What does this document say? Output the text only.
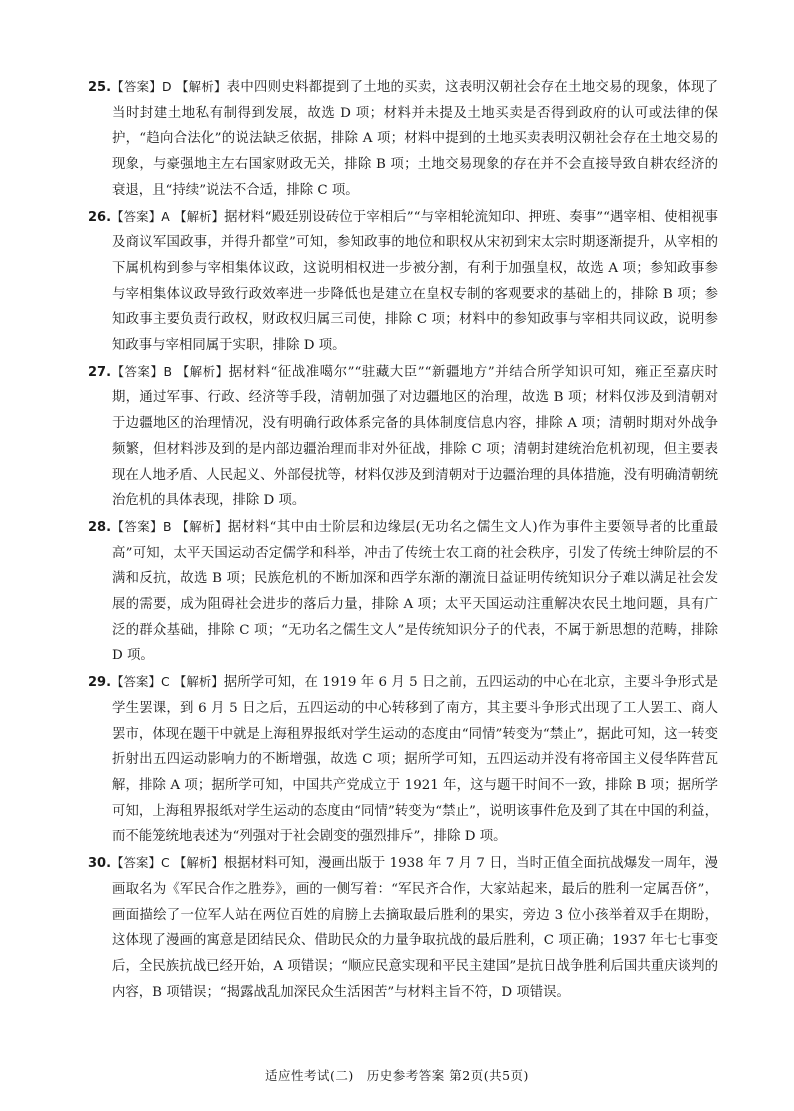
25.【答案】D 【解析】表中四则史料都提到了土地的买卖，这表明汉朝社会存在土地交易的现象，体现了当时封建土地私有制得到发展，故选 D 项；材料并未提及土地买卖是否得到政府的认可或法律的保护，“趋向合法化”的说法缺乏依据，排除 A 项；材料中提到的土地买卖表明汉朝社会存在土地交易的现象，与豪强地主左右国家财政无关，排除 B 项；土地交易现象的存在并不会直接导致自耕农经济的衰退，且“持续”说法不合适，排除 C 项。

26.【答案】A 【解析】据材料“殿廷别设砖位于宰相后”“与宰相轮流知印、押班、奏事”“遇宰相、使相视事及商议军国政事，并得升都堂”可知，参知政事的地位和职权从宋初到宋太宗时期逐渐提升，从宰相的下属机构到参与宰相集体议政，这说明相权进一步被分割，有利于加强皇权，故选 A 项；参知政事参与宰相集体议政导致行政效率进一步降低也是建立在皇权专制的客观要求的基础上的，排除 B 项；参知政事主要负责行政权，财政权归属三司使，排除 C 项；材料中的参知政事与宰相共同议政，说明参知政事与宰相同属于实职，排除 D 项。

27.【答案】B 【解析】据材料“征战准噶尔”“驻藏大臣”“新疆地方”并结合所学知识可知，雍正至嘉庆时期，通过军事、行政、经济等手段，清朝加强了对边疆地区的治理，故选 B 项；材料仅涉及到清朝对于边疆地区的治理情况，没有明确行政体系完备的具体制度信息内容，排除 A 项；清朝时期对外战争频繁，但材料涉及到的是内部边疆治理而非对外征战，排除 C 项；清朝封建统治危机初现，但主要表现在人地矛盾、人民起义、外部侵扰等，材料仅涉及到清朝对于边疆治理的具体措施，没有明确清朝统治危机的具体表现，排除 D 项。

28.【答案】B 【解析】据材料“其中由士阶层和边缘层(无功名之儒生文人)作为事件主要领导者的比重最高”可知，太平天国运动否定儒学和科举，冲击了传统士农工商的社会秩序，引发了传统士绅阶层的不满和反抗，故选 B 项；民族危机的不断加深和西学东渐的潮流日益证明传统知识分子难以满足社会发展的需要，成为阻碍社会进步的落后力量，排除 A 项；太平天国运动注重解决农民土地问题，具有广泛的群众基础，排除 C 项；“无功名之儒生文人”是传统知识分子的代表，不属于新思想的范畴，排除 D 项。

29.【答案】C 【解析】据所学可知，在 1919 年 6 月 5 日之前，五四运动的中心在北京，主要斗争形式是学生罢课，到 6 月 5 日之后，五四运动的中心转移到了南方，其主要斗争形式出现了工人罢工、商人罢市，体现在题干中就是上海租界报纸对学生运动的态度由“同情”转变为“禁止”，据此可知，这一转变折射出五四运动影响力的不断增强，故选 C 项；据所学可知，五四运动并没有将帝国主义侵华阵营瓦解，排除 A 项；据所学可知，中国共产党成立于 1921 年，这与题干时间不一致，排除 B 项；据所学可知，上海租界报纸对学生运动的态度由“同情”转变为“禁止”，说明该事件危及到了其在中国的利益，而不能笼统地表述为“列强对于社会剧变的强烈排斥”，排除 D 项。

30.【答案】C 【解析】根据材料可知，漫画出版于 1938 年 7 月 7 日，当时正值全面抗战爆发一周年，漫画取名为《军民合作之胜券》，画的一侧写着：“军民齐合作，大家站起来，最后的胜利一定属吾侪”，画面描绘了一位军人站在两位百姓的肩膀上去摘取最后胜利的果实，旁边 3 位小孩举着双手在期盼，这体现了漫画的寓意是团结民众、借助民众的力量争取抗战的最后胜利，C 项正确；1937 年七七事变后，全民族抗战已经开始，A 项错误；“顺应民意实现和平民主建国”是抗日战争胜利后国共重庆谈判的内容，B 项错误；“揭露战乱加深民众生活困苦”与材料主旨不符，D 项错误。

适应性考试(二)　历史参考答案 第2页(共5页)
